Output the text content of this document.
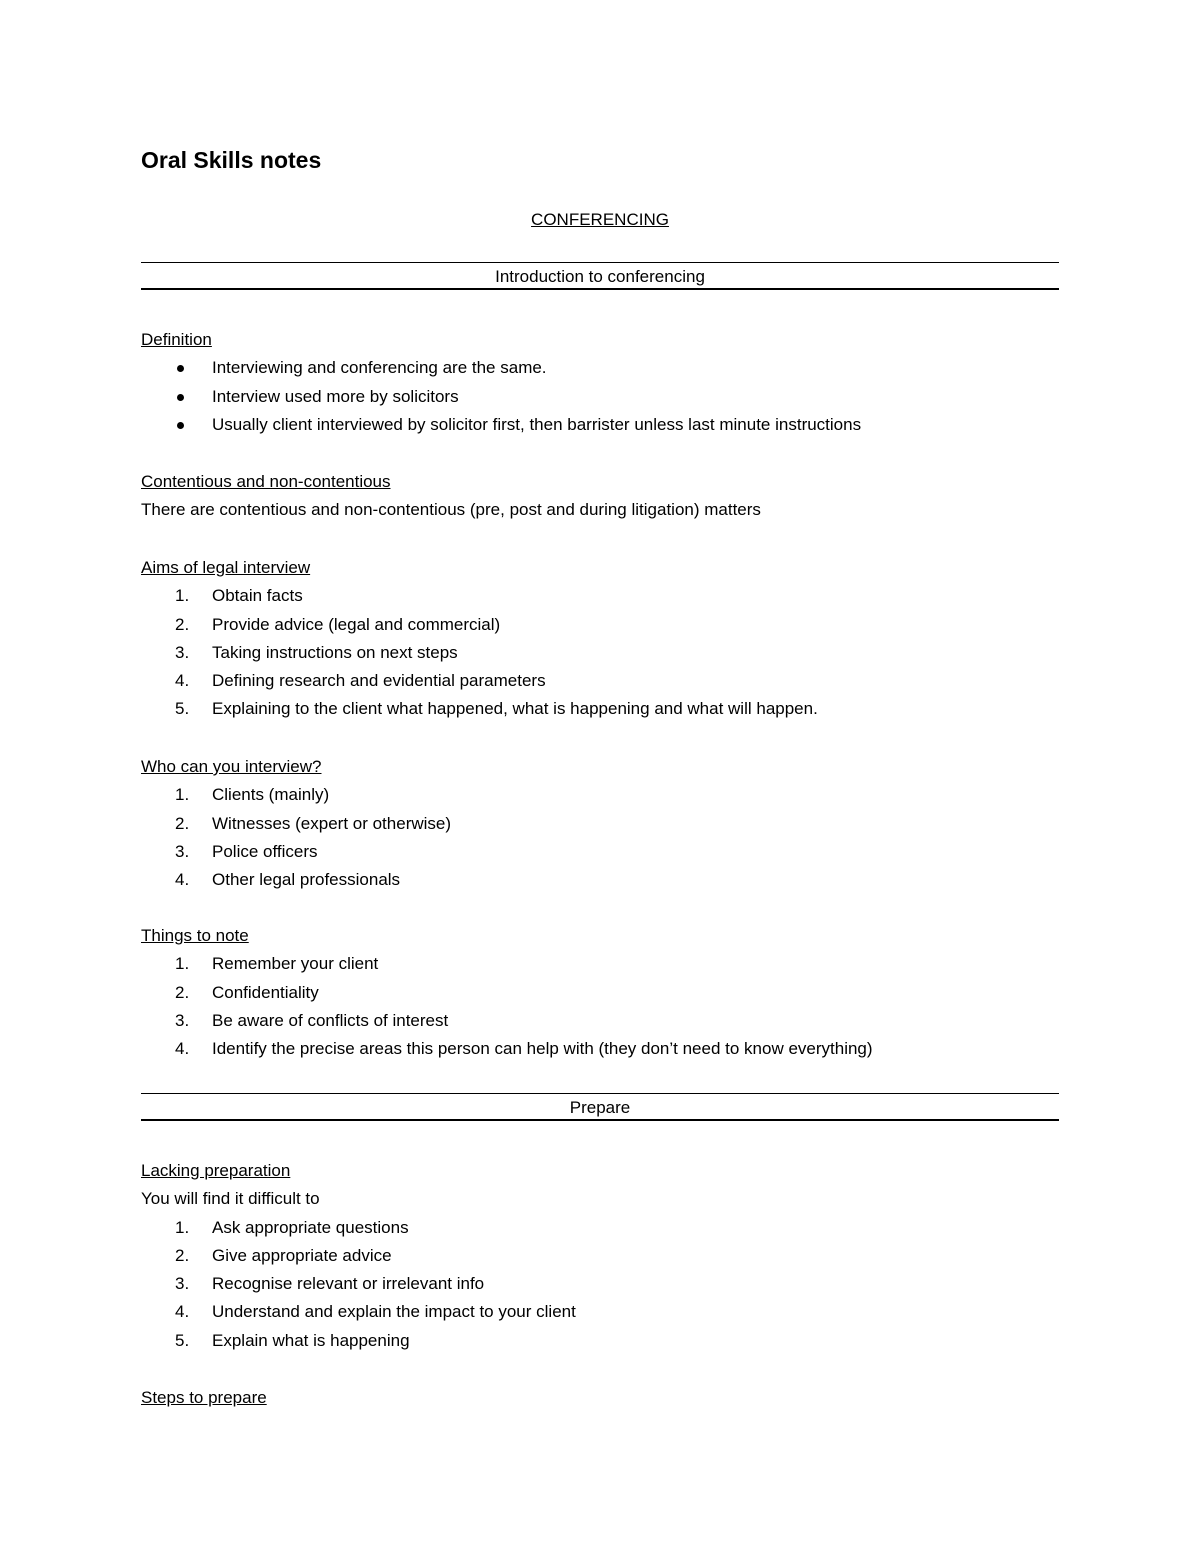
Oral Skills notes
CONFERENCING
Introduction to conferencing
Definition
Interviewing and conferencing are the same.
Interview used more by solicitors
Usually client interviewed by solicitor first, then barrister unless last minute instructions
Contentious and non-contentious
There are contentious and non-contentious (pre, post and during litigation) matters
Aims of legal interview
1.	Obtain facts
2.	Provide advice (legal and commercial)
3.	Taking instructions on next steps
4.	Defining research and evidential parameters
5.	Explaining to the client what happened, what is happening and what will happen.
Who can you interview?
1.	Clients (mainly)
2.	Witnesses (expert or otherwise)
3.	Police officers
4.	Other legal professionals
Things to note
1.	Remember your client
2.	Confidentiality
3.	Be aware of conflicts of interest
4.	Identify the precise areas this person can help with (they don’t need to know everything)
Prepare
Lacking preparation
You will find it difficult to
1.	Ask appropriate questions
2.	Give appropriate advice
3.	Recognise relevant or irrelevant info
4.	Understand and explain the impact to your client
5.	Explain what is happening
Steps to prepare
